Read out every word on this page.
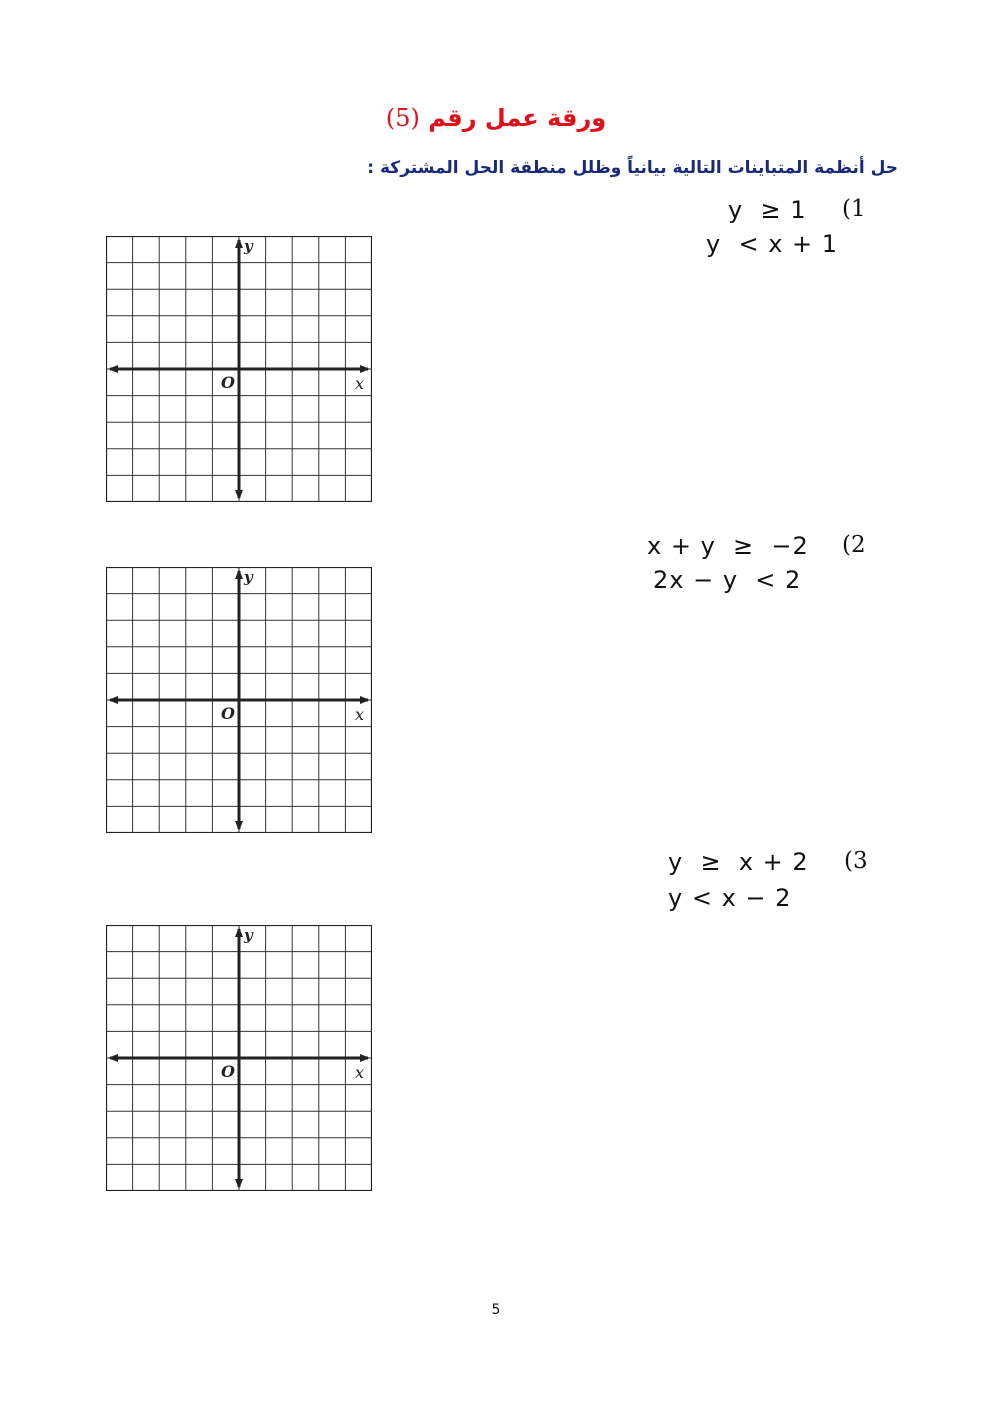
ورقة عمل رقم (5)
حل أنظمة المتباينات التالية بيانياً وظلل منطقة الحل المشتركة :
(1
y  ≥ 1
y  < x + 1
y
x
O
(2
x + y  ≥  −2
2x − y  < 2
y
x
O
(3
y  ≥  x + 2
y < x − 2
y
x
O
5
